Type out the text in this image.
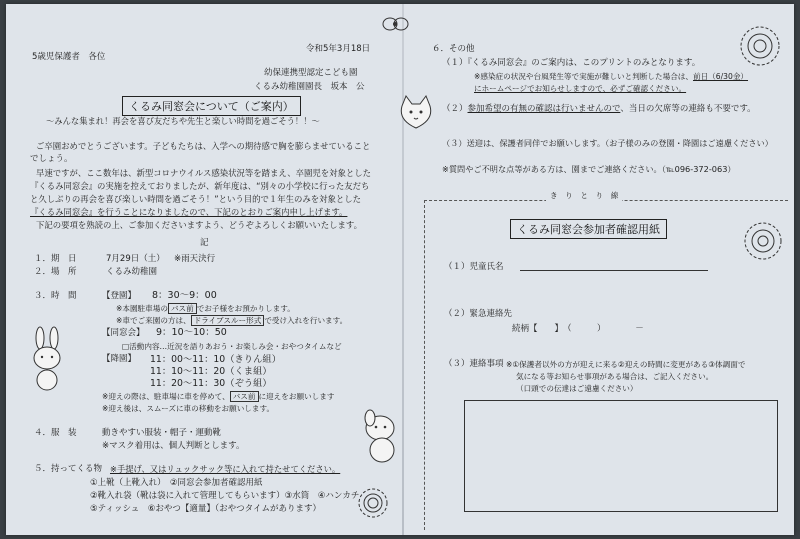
5歳児保護者　各位
令和5年3月18日
幼保連携型認定こども園
くるみ幼稚園園長　坂本　公
くるみ同窓会について（ご案内）
～みんな集まれ！再会を喜び友だちや先生と楽しい時間を過ごそう！！～
ご卒園おめでとうございます。子どもたちは、入学への期待感で胸を膨らませていること
でしょう。
早速ですが、ここ数年は、新型コロナウイルス感染状況等を踏まえ、卒園児を対象とした
『くるみ同窓会』の実施を控えておりましたが、新年度は、“別々の小学校に行った友だち
と久しぶりの再会を喜び楽しい時間を過ごそう！”という目的で１年生のみを対象とした
『くるみ同窓会』を行うことになりましたので、下記のとおりご案内申し上げます。
下記の要項を熟読の上、ご参加くださいますよう、どうぞよろしくお願いいたします。
記
１．期　日	7月29日（土） ※雨天決行
２．場　所	くるみ幼稚園
３．時　間	【登園】 8：30～9：00
※本園駐車場の バス前 でお子様をお預かりします。
※車でご来園の方は、 ドライブスルー形式 で受け入れを行います。
【同窓会】 9：10～10：50
□活動内容…近況を語りあおう・お楽しみ会・おやつタイムなど
【降園】 11：00～11：10（きりん組）
11：10～11：20（くま組）
11：20～11：30（ぞう組）
※迎えの際は、駐車場に車を停めて、 バス前 に迎えをお願いします
※迎え後は、スムーズに車の移動をお願いします。
４．服　装	動きやすい服装・帽子・運動靴
※マスク着用は、個人判断とします。
５．持ってくる物 ※手提げ、又はリュックサック等に入れて持たせてください。
①上靴（上靴入れ）　②同窓会参加者確認用紙
②靴入れ袋（靴は袋に入れて管理してもらいます）③水筒　④ハンカチ
⑤ティッシュ　⑥おやつ【適量】（おやつタイムがあります）
６．その他
（１）『くるみ同窓会』のご案内は、このプリントのみとなります。
※感染症の状況や台風発生等で実施が難しいと判断した場合は、前日（6/30金）
にホームページでお知らせしますので、必ずご確認ください。
（２）参加希望の有無の確認は行いませんので、当日の欠席等の連絡も不要です。
（３）送迎は、保護者同伴でお願いします。（お子様のみの登園・降園はご遠慮ください）
※質問やご不明な点等がある方は、園までご連絡ください。（℡096-372-063）
き　り　と　り　線
くるみ同窓会参加者確認用紙
（１）児童氏名
（２）緊急連絡先
続柄【　　】　（　　　）　　　　－
（３）連絡事項 ※①保護者以外の方が迎えに来る②迎えの時間に変更がある③体調面で
気になる等お知らせ事項がある場合は、ご記入ください。
（口頭での伝達はご遠慮ください）
